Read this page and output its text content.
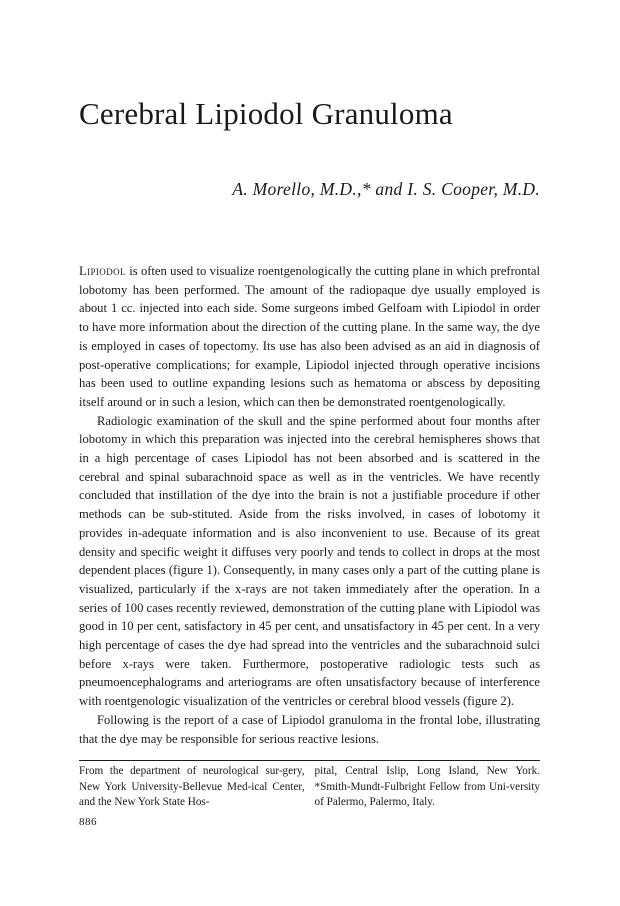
Cerebral Lipiodol Granuloma
A. Morello, M.D.,* and I. S. Cooper, M.D.

Lipiodol is often used to visualize roentgenologically the cutting plane in which prefrontal lobotomy has been performed. The amount of the radiopaque dye usually employed is about 1 cc. injected into each side. Some surgeons imbed Gelfoam with Lipiodol in order to have more information about the direction of the cutting plane. In the same way, the dye is employed in cases of topectomy. Its use has also been advised as an aid in diagnosis of post-operative complications; for example, Lipiodol injected through operative incisions has been used to outline expanding lesions such as hematoma or abscess by depositing itself around or in such a lesion, which can then be demonstrated roentgenologically.

Radiologic examination of the skull and the spine performed about four months after lobotomy in which this preparation was injected into the cerebral hemispheres shows that in a high percentage of cases Lipiodol has not been absorbed and is scattered in the cerebral and spinal subarachnoid space as well as in the ventricles. We have recently concluded that instillation of the dye into the brain is not a justifiable procedure if other methods can be sub-stituted. Aside from the risks involved, in cases of lobotomy it provides in-adequate information and is also inconvenient to use. Because of its great density and specific weight it diffuses very poorly and tends to collect in drops at the most dependent places (figure 1). Consequently, in many cases only a part of the cutting plane is visualized, particularly if the x-rays are not taken immediately after the operation. In a series of 100 cases recently reviewed, demonstration of the cutting plane with Lipiodol was good in 10 per cent, satisfactory in 45 per cent, and unsatisfactory in 45 per cent. In a very high percentage of cases the dye had spread into the ventricles and the subarachnoid sulci before x-rays were taken. Furthermore, postoperative radiologic tests such as pneumoencephalograms and arteriograms are often unsatisfactory because of interference with roentgenologic visualization of the ventricles or cerebral blood vessels (figure 2).

Following is the report of a case of Lipiodol granuloma in the frontal lobe, illustrating that the dye may be responsible for serious reactive lesions.

From the department of neurological sur-gery, New York University-Bellevue Med-ical Center, and the New York State Hos-
pital, Central Islip, Long Island, New York. *Smith-Mundt-Fulbright Fellow from Uni-versity of Palermo, Palermo, Italy.
886
